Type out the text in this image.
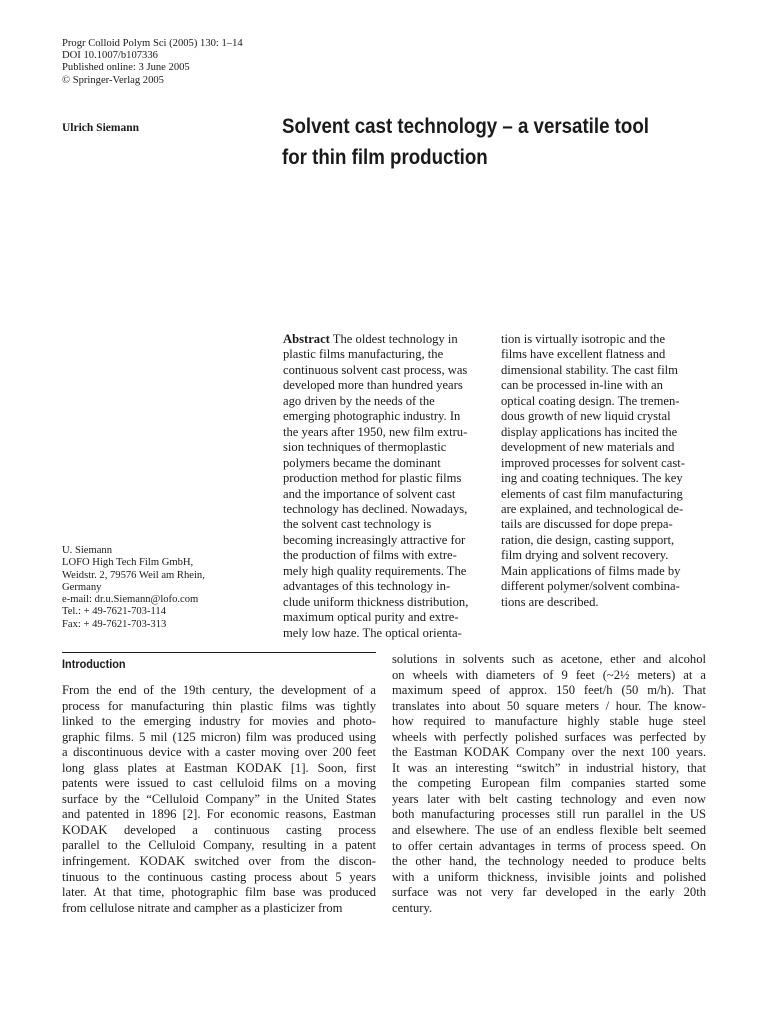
Progr Colloid Polym Sci (2005) 130: 1–14
DOI 10.1007/b107336
Published online: 3 June 2005
© Springer-Verlag 2005
Ulrich Siemann	Solvent cast technology – a versatile tool
for thin film production
Abstract The oldest technology in
plastic films manufacturing, the
continuous solvent cast process, was
developed more than hundred years
ago driven by the needs of the
emerging photographic industry. In
the years after 1950, new film extru-
sion techniques of thermoplastic
polymers became the dominant
production method for plastic films
and the importance of solvent cast
technology has declined. Nowadays,
the solvent cast technology is
becoming increasingly attractive for
the production of films with extre-
mely high quality requirements. The
advantages of this technology in-
clude uniform thickness distribution,
maximum optical purity and extre-
mely low haze. The optical orienta-
tion is virtually isotropic and the
films have excellent flatness and
dimensional stability. The cast film
can be processed in-line with an
optical coating design. The tremen-
dous growth of new liquid crystal
display applications has incited the
development of new materials and
improved processes for solvent cast-
ing and coating techniques. The key
elements of cast film manufacturing
are explained, and technological de-
tails are discussed for dope prepa-
ration, die design, casting support,
film drying and solvent recovery.
Main applications of films made by
different polymer/solvent combina-
tions are described.
U. Siemann
LOFO High Tech Film GmbH,
Weidstr. 2, 79576 Weil am Rhein,
Germany
e-mail: dr.u.Siemann@lofo.com
Tel.: + 49-7621-703-114
Fax: + 49-7621-703-313
Introduction
From the end of the 19th century, the development of a
process for manufacturing thin plastic films was tightly
linked to the emerging industry for movies and photo-
graphic films. 5 mil (125 micron) film was produced using
a discontinuous device with a caster moving over 200 feet
long glass plates at Eastman KODAK [1]. Soon, first
patents were issued to cast celluloid films on a moving
surface by the “Celluloid Company” in the United States
and patented in 1896 [2]. For economic reasons, Eastman
KODAK developed a continuous casting process
parallel to the Celluloid Company, resulting in a patent
infringement. KODAK switched over from the discon-
tinuous to the continuous casting process about 5 years
later. At that time, photographic film base was produced
from cellulose nitrate and campher as a plasticizer from
solutions in solvents such as acetone, ether and alcohol
on wheels with diameters of 9 feet (~2½ meters) at a
maximum speed of approx. 150 feet/h (50 m/h). That
translates into about 50 square meters / hour. The know-
how required to manufacture highly stable huge steel
wheels with perfectly polished surfaces was perfected by
the Eastman KODAK Company over the next 100 years.
It was an interesting “switch” in industrial history, that
the competing European film companies started some
years later with belt casting technology and even now
both manufacturing processes still run parallel in the US
and elsewhere. The use of an endless flexible belt seemed
to offer certain advantages in terms of process speed. On
the other hand, the technology needed to produce belts
with a uniform thickness, invisible joints and polished
surface was not very far developed in the early 20th
century.
